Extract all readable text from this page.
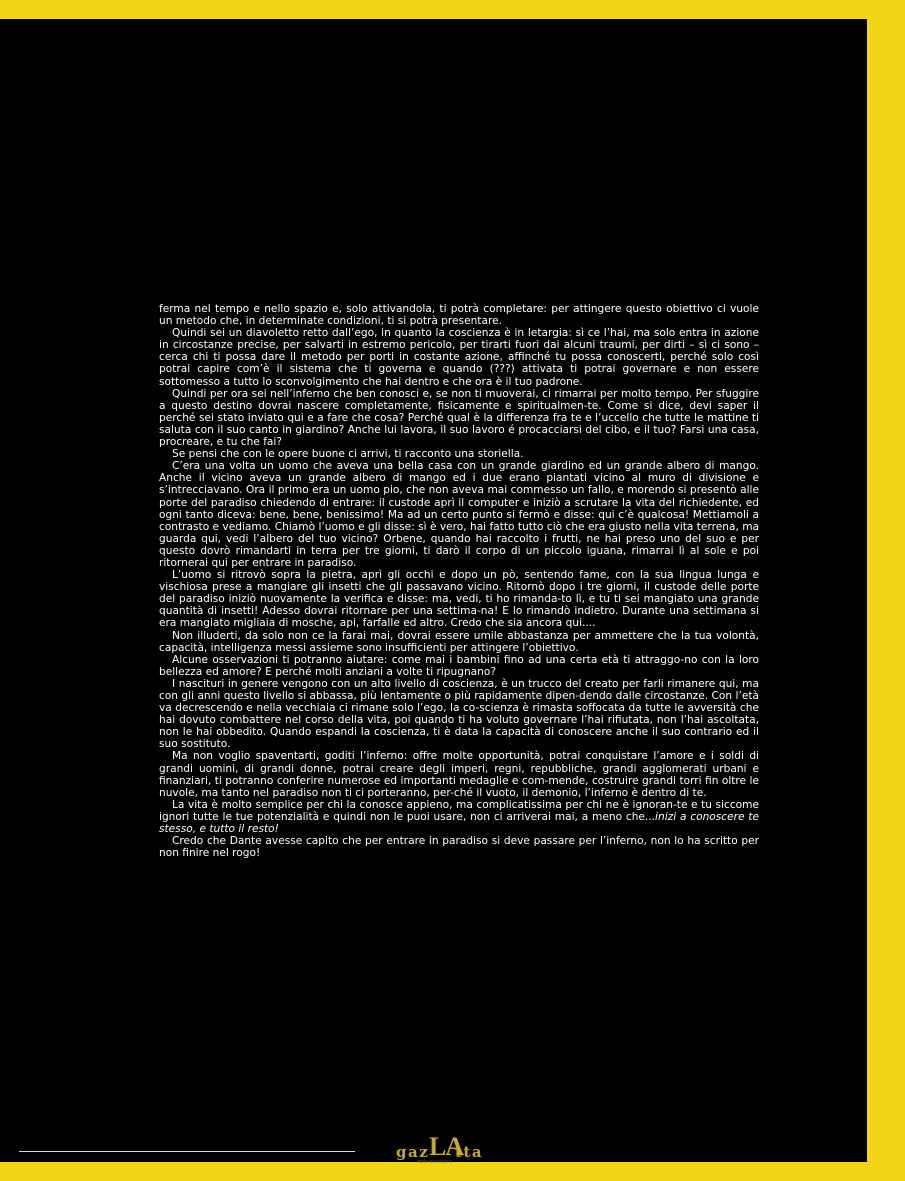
ferma nel tempo e nello spazio e, solo attivandola, ti potrà completare: per attingere questo obiettivo ci vuole un metodo che, in determinate condizioni, ti si potrà presentare.

Quindi sei un diavoletto retto dall’ego, in quanto la coscienza è in letargia: sì ce l’hai, ma solo entra in azione in circostanze precise, per salvarti in estremo pericolo, per tirarti fuori dai alcuni traumi, per dirti – sì ci sono – cerca chi ti possa dare il metodo per porti in costante azione, affinché tu possa conoscerti, perché solo così potrai capire com’è il sistema che ti governa e quando (???) attivata ti potrai governare e non essere sottomesso a tutto lo sconvolgimento che hai dentro e che ora è il tuo padrone.

Quindi per ora sei nell’inferno che ben conosci e, se non ti muoverai, ci rimarrai per molto tempo. Per sfuggire a questo destino dovrai nascere completamente, fisicamente e spiritualmen-te. Come si dice, devi saper il perché sei stato inviato qui e a fare che cosa? Perché qual è la differenza fra te e l’uccello che tutte le mattine ti saluta con il suo canto in giardino? Anche lui lavora, il suo lavoro é procacciarsi del cibo, e il tuo? Farsi una casa, procreare, e tu che fai?

Se pensi che con le opere buone ci arrivi, ti racconto una storiella.

C’era una volta un uomo che aveva una bella casa con un grande giardino ed un grande albero di mango. Anche il vicino aveva un grande albero di mango ed i due erano piantati vicino al muro di divisione e s’intrecciavano. Ora il primo era un uomo pio, che non aveva mai commesso un fallo, e morendo si presentò alle porte del paradiso chiedendo di entrare: il custode aprì il computer e iniziò a scrutare la vita del richiedente, ed ogni tanto diceva: bene, bene, benissimo! Ma ad un certo punto si fermò e disse: qui c’è qualcosa! Mettiamoli a contrasto e vediamo. Chiamò l’uomo e gli disse: sì è vero, hai fatto tutto ciò che era giusto nella vita terrena, ma guarda qui, vedi l’albero del tuo vicino? Orbene, quando hai raccolto i frutti, ne hai preso uno del suo e per questo dovrò rimandarti in terra per tre giorni, ti darò il corpo di un piccolo iguana, rimarrai lì al sole e poi ritornerai qui per entrare in paradiso.

L’uomo si ritrovò sopra la pietra, aprì gli occhi e dopo un pò, sentendo fame, con la sua lingua lunga e vischiosa prese a mangiare gli insetti che gli passavano vicino. Ritornò dopo i tre giorni, il custode delle porte del paradiso iniziò nuovamente la verifica e disse: ma, vedi, ti ho rimanda-to lì, e tu ti sei mangiato una grande quantità di insetti! Adesso dovrai ritornare per una settima-na! E lo rimandò indietro. Durante una settimana si era mangiato migliaia di mosche, api, farfalle ed altro. Credo che sia ancora qui....

Non illuderti, da solo non ce la farai mai, dovrai essere umile abbastanza per ammettere che la tua volontà, capacità, intelligenza messi assieme sono insufficienti per attingere l’obiettivo.

Alcune osservazioni ti potranno aiutare: come mai i bambini fino ad una certa età ti attraggo-no con la loro bellezza ed amore? E perché molti anziani a volte ti ripugnano?

I nascituri in genere vengono con un alto livello di coscienza, è un trucco del creato per farli rimanere qui, ma con gli anni questo livello si abbassa, più lentamente o più rapidamente dipen-dendo dalle circostanze. Con l’età va decrescendo e nella vecchiaia ci rimane solo l’ego, la co-scienza è rimasta soffocata da tutte le avversità che hai dovuto combattere nel corso della vita, poi quando ti ha voluto governare l’hai rifiutata, non l’hai ascoltata, non le hai obbedito. Quando espandi la coscienza, ti è data la capacità di conoscere anche il suo contrario ed il suo sostituto.

Ma non voglio spaventarti, goditi l’inferno: offre molte opportunità, potrai conquistare l’amore e i soldi di grandi uomini, di grandi donne, potrai creare degli imperi, regni, repubbliche, grandi agglomerati urbani e finanziari, ti potranno conferire numerose ed importanti medaglie e com-mende, costruire grandi torri fin oltre le nuvole, ma tanto nel paradiso non ti ci porteranno, per-ché il vuoto, il demonio, l’inferno è dentro di te.

La vita è molto semplice per chi la conosce appieno, ma complicatissima per chi ne è ignoran-te e tu siccome ignori tutte le tue potenzialità e quindi non le puoi usare, non ci arriverai mai, a meno che...inizi a conoscere te stesso, e tutto il resto!

Credo che Dante avesse capito che per entrare in paradiso si deve passare per l’inferno, non lo ha scritto per non finire nel rogo!

53
gaz LA
tta
Italo-brasiliana
